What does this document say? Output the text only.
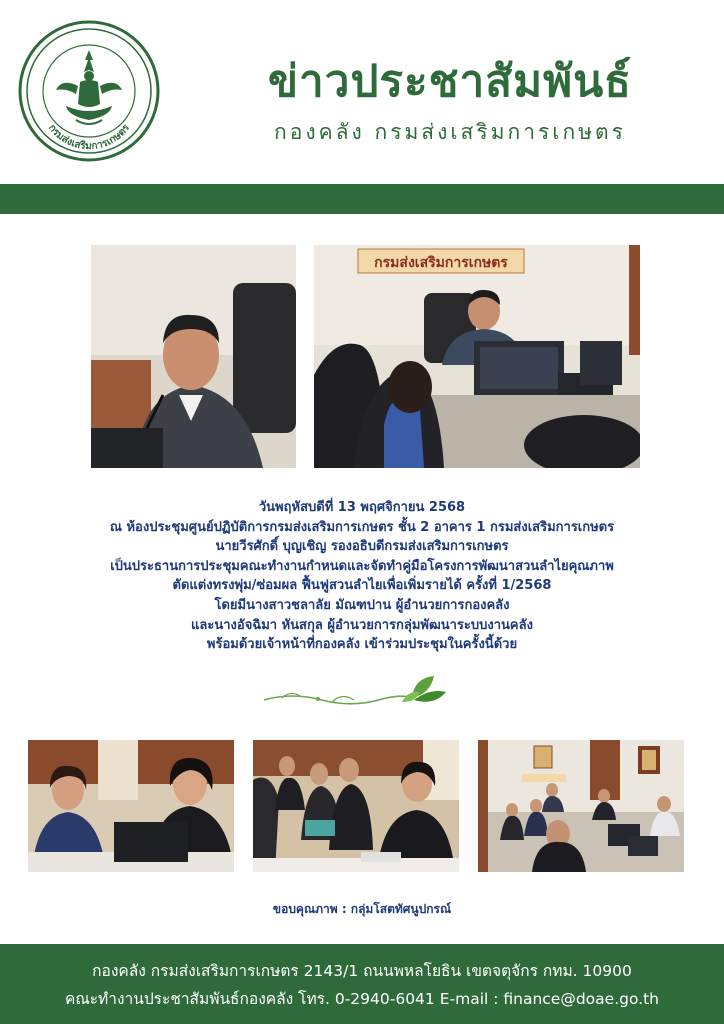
กรมส่งเสริมการเกษตร
ข่าวประชาสัมพันธ์
กองคลัง กรมส่งเสริมการเกษตร
กรมส่งเสริมการเกษตร
วันพฤหัสบดีที่ 13 พฤศจิกายน 2568
ณ ห้องประชุมศูนย์ปฏิบัติการกรมส่งเสริมการเกษตร ชั้น 2 อาคาร 1 กรมส่งเสริมการเกษตร
นายวีรศักดิ์ บุญเชิญ รองอธิบดีกรมส่งเสริมการเกษตร
เป็นประธานการประชุมคณะทำงานกำหนดและจัดทำคู่มือโครงการพัฒนาสวนลำไยคุณภาพ
ตัดแต่งทรงพุ่ม/ซ่อมผล ฟื้นฟูสวนลำไยเพื่อเพิ่มรายได้ ครั้งที่ 1/2568
โดยมีนางสาวชลาลัย มัณฑปาน ผู้อำนวยการกองคลัง
และนางอัจฉิมา หันสกุล ผู้อำนวยการกลุ่มพัฒนาระบบงานคลัง
พร้อมด้วยเจ้าหน้าที่กองคลัง เข้าร่วมประชุมในครั้งนี้ด้วย
ขอบคุณภาพ : กลุ่มโสตทัศนูปกรณ์
กองคลัง กรมส่งเสริมการเกษตร 2143/1 ถนนพหลโยธิน เขตจตุจักร กทม. 10900
คณะทำงานประชาสัมพันธ์กองคลัง โทร. 0-2940-6041 E-mail : finance@doae.go.th
